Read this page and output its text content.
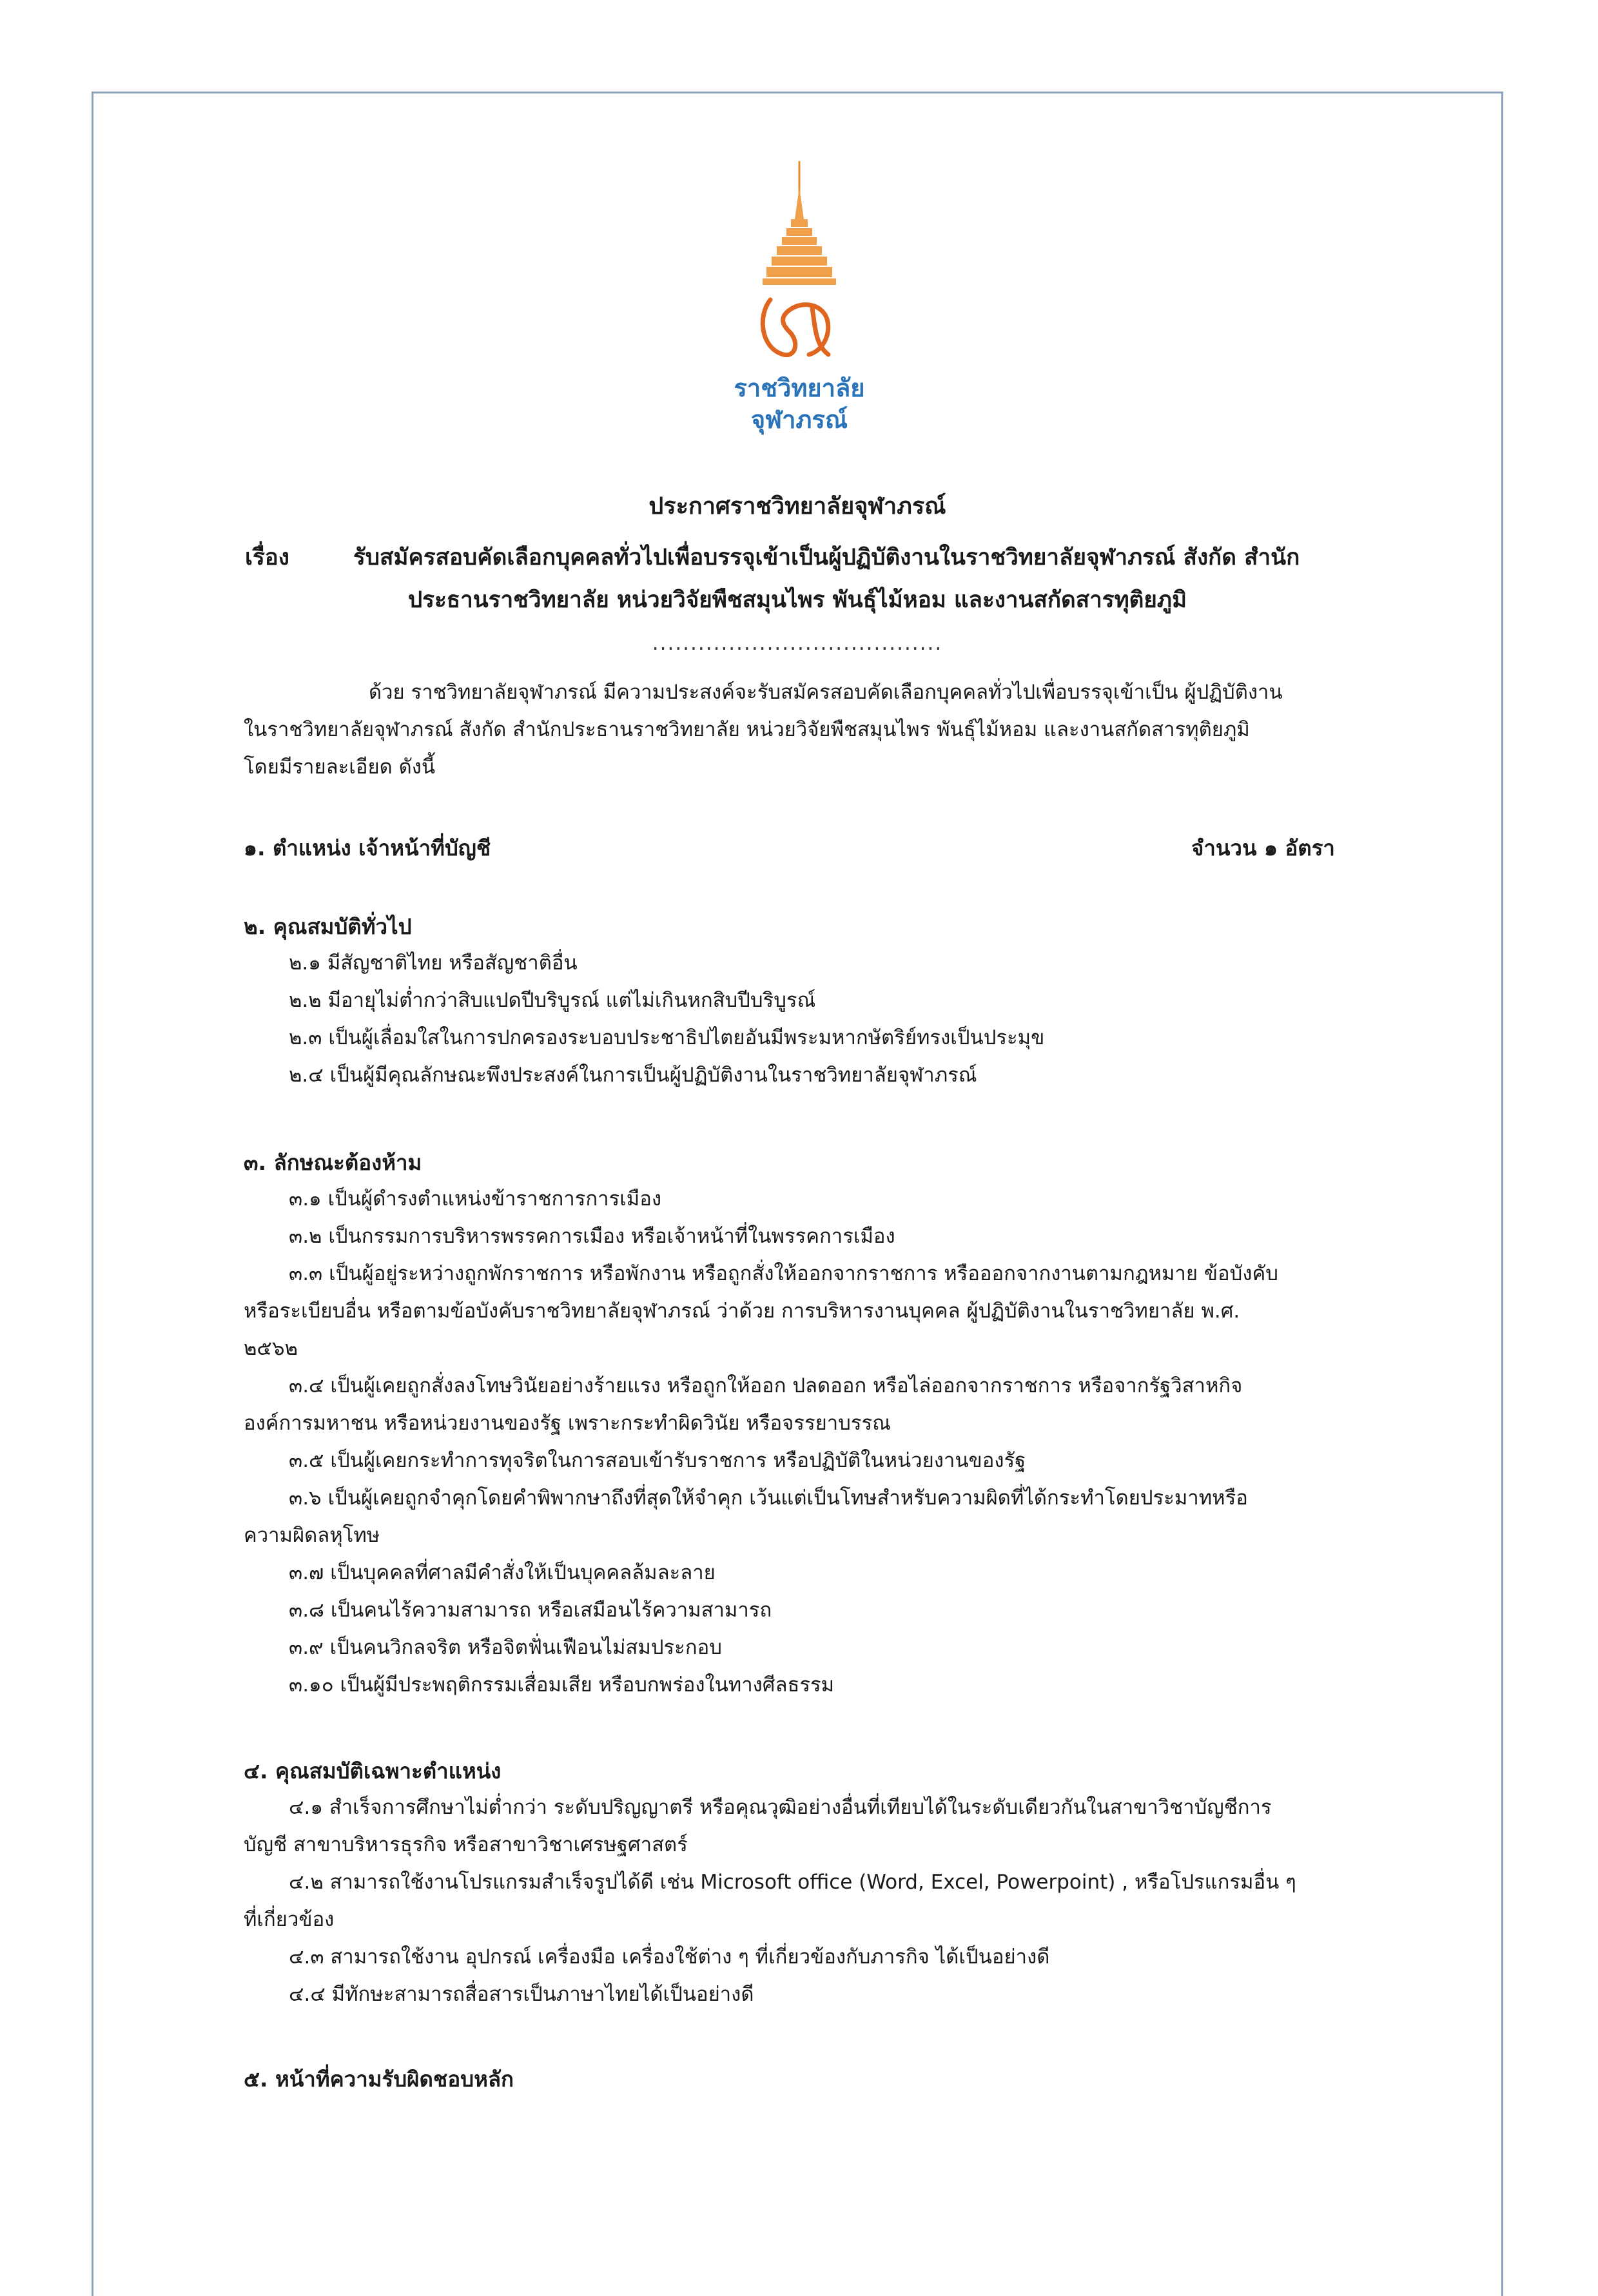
ราชวิทยาลัย
จุฬาภรณ์
ประกาศราชวิทยาลัยจุฬาภรณ์
เรื่อง	รับสมัครสอบคัดเลือกบุคคลทั่วไปเพื่อบรรจุเข้าเป็นผู้ปฏิบัติงานในราชวิทยาลัยจุฬาภรณ์ สังกัด สำนัก
ประธานราชวิทยาลัย หน่วยวิจัยพืชสมุนไพร พันธุ์ไม้หอม และงานสกัดสารทุติยภูมิ
......................................
ด้วย ราชวิทยาลัยจุฬาภรณ์ มีความประสงค์จะรับสมัครสอบคัดเลือกบุคคลทั่วไปเพื่อบรรจุเข้าเป็น ผู้ปฏิบัติงาน
ในราชวิทยาลัยจุฬาภรณ์ สังกัด สำนักประธานราชวิทยาลัย หน่วยวิจัยพืชสมุนไพร พันธุ์ไม้หอม และงานสกัดสารทุติยภูมิ
โดยมีรายละเอียด ดังนี้
๑. ตำแหน่ง เจ้าหน้าที่บัญชี	จำนวน ๑ อัตรา
๒. คุณสมบัติทั่วไป
๒.๑ มีสัญชาติไทย หรือสัญชาติอื่น
๒.๒ มีอายุไม่ต่ำกว่าสิบแปดปีบริบูรณ์ แต่ไม่เกินหกสิบปีบริบูรณ์
๒.๓ เป็นผู้เลื่อมใสในการปกครองระบอบประชาธิปไตยอันมีพระมหากษัตริย์ทรงเป็นประมุข
๒.๔ เป็นผู้มีคุณลักษณะพึงประสงค์ในการเป็นผู้ปฏิบัติงานในราชวิทยาลัยจุฬาภรณ์
๓. ลักษณะต้องห้าม
๓.๑ เป็นผู้ดำรงตำแหน่งข้าราชการการเมือง
๓.๒ เป็นกรรมการบริหารพรรคการเมือง หรือเจ้าหน้าที่ในพรรคการเมือง
๓.๓ เป็นผู้อยู่ระหว่างถูกพักราชการ หรือพักงาน หรือถูกสั่งให้ออกจากราชการ หรือออกจากงานตามกฎหมาย ข้อบังคับ
หรือระเบียบอื่น หรือตามข้อบังคับราชวิทยาลัยจุฬาภรณ์ ว่าด้วย การบริหารงานบุคคล ผู้ปฏิบัติงานในราชวิทยาลัย พ.ศ.
๒๕๖๒
๓.๔ เป็นผู้เคยถูกสั่งลงโทษวินัยอย่างร้ายแรง หรือถูกให้ออก ปลดออก หรือไล่ออกจากราชการ หรือจากรัฐวิสาหกิจ
องค์การมหาชน หรือหน่วยงานของรัฐ เพราะกระทำผิดวินัย หรือจรรยาบรรณ
๓.๕ เป็นผู้เคยกระทำการทุจริตในการสอบเข้ารับราชการ หรือปฏิบัติในหน่วยงานของรัฐ
๓.๖ เป็นผู้เคยถูกจำคุกโดยคำพิพากษาถึงที่สุดให้จำคุก เว้นแต่เป็นโทษสำหรับความผิดที่ได้กระทำโดยประมาทหรือ
ความผิดลหุโทษ
๓.๗ เป็นบุคคลที่ศาลมีคำสั่งให้เป็นบุคคลล้มละลาย
๓.๘ เป็นคนไร้ความสามารถ หรือเสมือนไร้ความสามารถ
๓.๙ เป็นคนวิกลจริต หรือจิตฟั่นเฟือนไม่สมประกอบ
๓.๑๐ เป็นผู้มีประพฤติกรรมเสื่อมเสีย หรือบกพร่องในทางศีลธรรม
๔. คุณสมบัติเฉพาะตำแหน่ง
๔.๑ สำเร็จการศึกษาไม่ต่ำกว่า ระดับปริญญาตรี หรือคุณวุฒิอย่างอื่นที่เทียบได้ในระดับเดียวกันในสาขาวิชาบัญชีการ
บัญชี สาขาบริหารธุรกิจ หรือสาขาวิชาเศรษฐศาสตร์
๔.๒ สามารถใช้งานโปรแกรมสำเร็จรูปได้ดี เช่น Microsoft office (Word, Excel, Powerpoint) , หรือโปรแกรมอื่น ๆ
ที่เกี่ยวข้อง
๔.๓ สามารถใช้งาน อุปกรณ์ เครื่องมือ เครื่องใช้ต่าง ๆ ที่เกี่ยวข้องกับภารกิจ ได้เป็นอย่างดี
๔.๔ มีทักษะสามารถสื่อสารเป็นภาษาไทยได้เป็นอย่างดี
๕. หน้าที่ความรับผิดชอบหลัก
